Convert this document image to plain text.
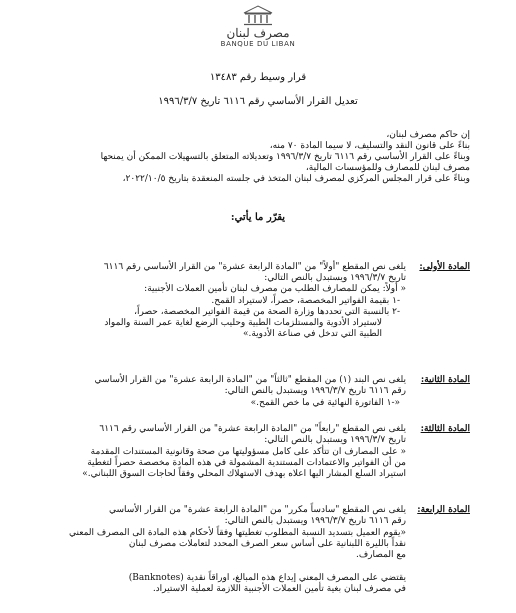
مصرف لبنان
BANQUE DU LIBAN
قرار وسيط رقم ١٣٤٨٣
تعديل القرار الأساسي رقم ٦١١٦ تاريخ ١٩٩٦/٣/٧
إن حاكم مصرف لبنان،
بناءً على قانون النقد والتسليف، لا سيما المادة ٧٠ منه،
وبناءً على القرار الأساسي رقم ٦١١٦ تاريخ ١٩٩٦/٣/٧ وتعديلاته المتعلق بالتسهيلات الممكن أن يمنحها
مصرف لبنان للمصارف وللمؤسسات المالية،
وبناءً على قرار المجلس المركزي لمصرف لبنان المتخذ في جلسته المنعقدة بتاريخ ٢٠٢٢/١٠/٥،
يقرّر ما يأتي:
المادة الأولى:
يلغى نص المقطع "أولاً" من "المادة الرابعة عشرة" من القرار الأساسي رقم ٦١١٦
تاريخ ١٩٩٦/٣/٧ ويستبدل بالنص التالي:
« أولاً: يمكن للمصارف الطلب من مصرف لبنان تأمين العملات الأجنبية:
-١ بقيمة الفواتير المخصصة، حصراً، لاستيراد القمح.
-٢ بالنسبة التي تحددها وزارة الصحة من قيمة الفواتير المخصصة، حصراً،
لاستيراد الأدوية والمستلزمات الطبية وحليب الرضع لغاية عمر السنة والمواد
الطبية التي تدخل في صناعة الأدوية.»
المادة الثانية:
يلغى نص البند (١) من المقطع "ثالثاً" من "المادة الرابعة عشرة" من القرار الأساسي
رقم ٦١١٦ تاريخ ١٩٩٦/٣/٧ ويستبدل بالنص التالي:
«-١ الفاتورة النهائية في ما خص القمح.»
المادة الثالثة:
يلغى نص المقطع "رابعاً" من "المادة الرابعة عشرة" من القرار الأساسي رقم ٦١١٦
تاريخ ١٩٩٦/٣/٧ ويستبدل بالنص التالي:
« على المصارف ان تتأكد على كامل مسؤوليتها من صحة وقانونية المستندات المقدمة
من أن الفواتير والاعتمادات المستندية المشمولة في هذه المادة مخصصة حصراً لتغطية
استيراد السلع المشار اليها اعلاه بهدف الاستهلاك المحلي وفقاً لحاجات السوق اللبناني.»
المادة الرابعة:
يلغى نص المقطع "سادساً مكرر" من "المادة الرابعة عشرة" من القرار الأساسي
رقم ٦١١٦ تاريخ ١٩٩٦/٣/٧ ويستبدل بالنص التالي:
«يقوم العميل بتسديد النسبة المطلوب تغطيتها وفقاً لأحكام هذه المادة الى المصرف المعني
نقداً بالليرة اللبنانية على أساس سعر الصرف المحدد لتعاملات مصرف لبنان
مع المصارف.
يقتضي على المصرف المعني إيداع هذه المبالغ، اوراقاً نقدية (Banknotes)
في مصرف لبنان بغية تأمين العملات الأجنبية اللازمة لعملية الاستيراد.
